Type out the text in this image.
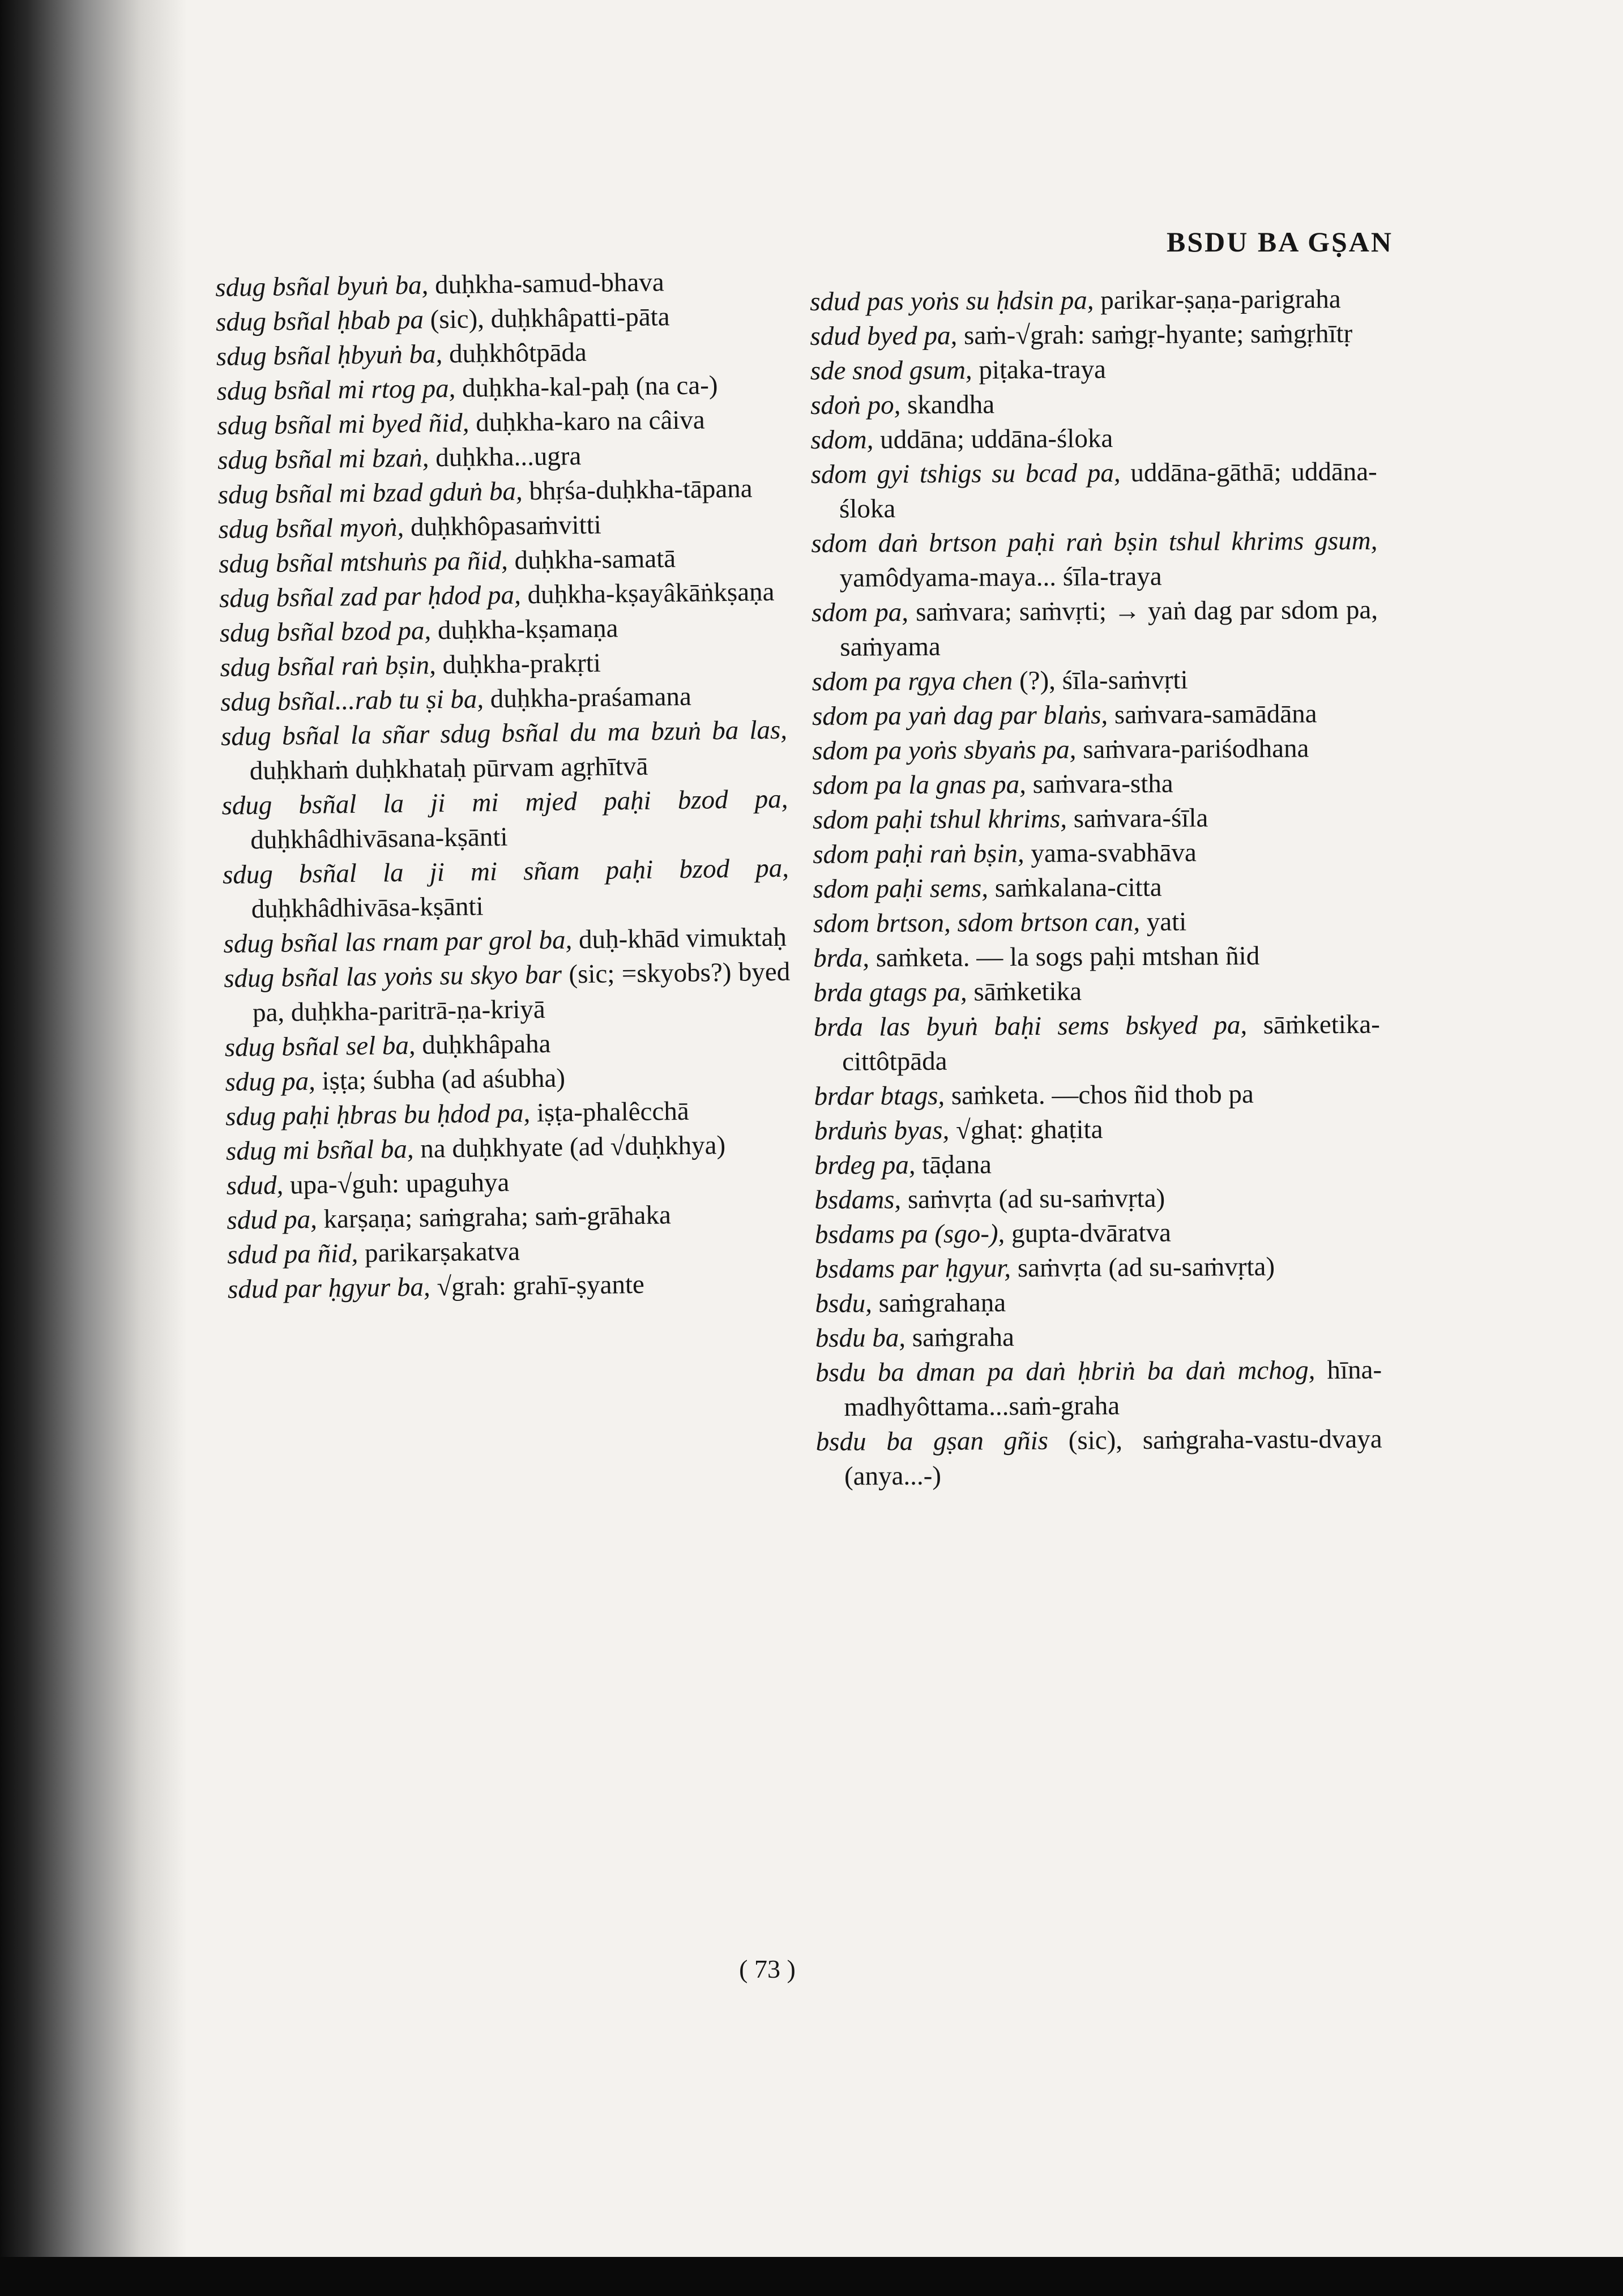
BSDU BA GṢAN

sdug bsñal byuṅ ba, duḥkha-samud-bhava

sdug bsñal ḥbab pa (sic), duḥkhâpatti-pāta

sdug bsñal ḥbyuṅ ba, duḥkhôtpāda

sdug bsñal mi rtog pa, duḥkha-kal-paḥ (na ca-)

sdug bsñal mi byed ñid, duḥkha-karo na câiva

sdug bsñal mi bzaṅ, duḥkha...ugra

sdug bsñal mi bzad gduṅ ba, bhṛśa-duḥkha-tāpana

sdug bsñal myoṅ, duḥkhôpasaṁvitti

sdug bsñal mtshuṅs pa ñid, duḥkha-samatā

sdug bsñal zad par ḥdod pa, duḥkha-kṣayâkāṅkṣaṇa

sdug bsñal bzod pa, duḥkha-kṣamaṇa

sdug bsñal raṅ bṣin, duḥkha-prakṛti

sdug bsñal...rab tu ṣi ba, duḥkha-praśamana

sdug bsñal la sñar sdug bsñal du ma bzuṅ ba las, duḥkhaṁ duḥkhataḥ pūrvam agṛhītvā

sdug bsñal la ji mi mjed paḥi bzod pa, duḥkhâdhivāsana-kṣānti

sdug bsñal la ji mi sñam paḥi bzod pa, duḥkhâdhivāsa-kṣānti

sdug bsñal las rnam par grol ba, duḥ-khād vimuktaḥ

sdug bsñal las yoṅs su skyo bar (sic; =skyobs?) byed pa, duḥkha-paritrā-ṇa-kriyā

sdug bsñal sel ba, duḥkhâpaha

sdug pa, iṣṭa; śubha (ad aśubha)

sdug paḥi ḥbras bu ḥdod pa, iṣṭa-phalêcchā

sdug mi bsñal ba, na duḥkhyate (ad √duḥkhya)

sdud, upa-√guh: upaguhya

sdud pa, karṣaṇa; saṁgraha; saṁ-grāhaka

sdud pa ñid, parikarṣakatva

sdud par ḥgyur ba, √grah: grahī-ṣyante

sdud pas yoṅs su ḥdsin pa, parikar-ṣaṇa-parigraha

sdud byed pa, saṁ-√grah: saṁgṛ-hyante; saṁgṛhītṛ

sde snod gsum, piṭaka-traya

sdoṅ po, skandha

sdom, uddāna; uddāna-śloka

sdom gyi tshigs su bcad pa, uddāna-gāthā; uddāna-śloka

sdom daṅ brtson paḥi raṅ bṣin tshul khrims gsum, yamôdyama-maya... śīla-traya

sdom pa, saṁvara; saṁvṛti; → yaṅ dag par sdom pa, saṁyama

sdom pa rgya chen (?), śīla-saṁvṛti

sdom pa yaṅ dag par blaṅs, saṁvara-samādāna

sdom pa yoṅs sbyaṅs pa, saṁvara-pariśodhana

sdom pa la gnas pa, saṁvara-stha

sdom paḥi tshul khrims, saṁvara-śīla

sdom paḥi raṅ bṣin, yama-svabhāva

sdom paḥi sems, saṁkalana-citta

sdom brtson, sdom brtson can, yati

brda, saṁketa. — la sogs paḥi mtshan ñid

brda gtags pa, sāṁketika

brda las byuṅ baḥi sems bskyed pa, sāṁketika-cittôtpāda

brdar btags, saṁketa. —chos ñid thob pa

brduṅs byas, √ghaṭ: ghaṭita

brdeg pa, tāḍana

bsdams, saṁvṛta (ad su-saṁvṛta)

bsdams pa (sgo-), gupta-dvāratva

bsdams par ḥgyur, saṁvṛta (ad su-saṁvṛta)

bsdu, saṁgrahaṇa

bsdu ba, saṁgraha

bsdu ba dman pa daṅ ḥbriṅ ba daṅ mchog, hīna-madhyôttama...saṁ-graha

bsdu ba gṣan gñis (sic), saṁgraha-vastu-dvaya (anya...-)

( 73 )
